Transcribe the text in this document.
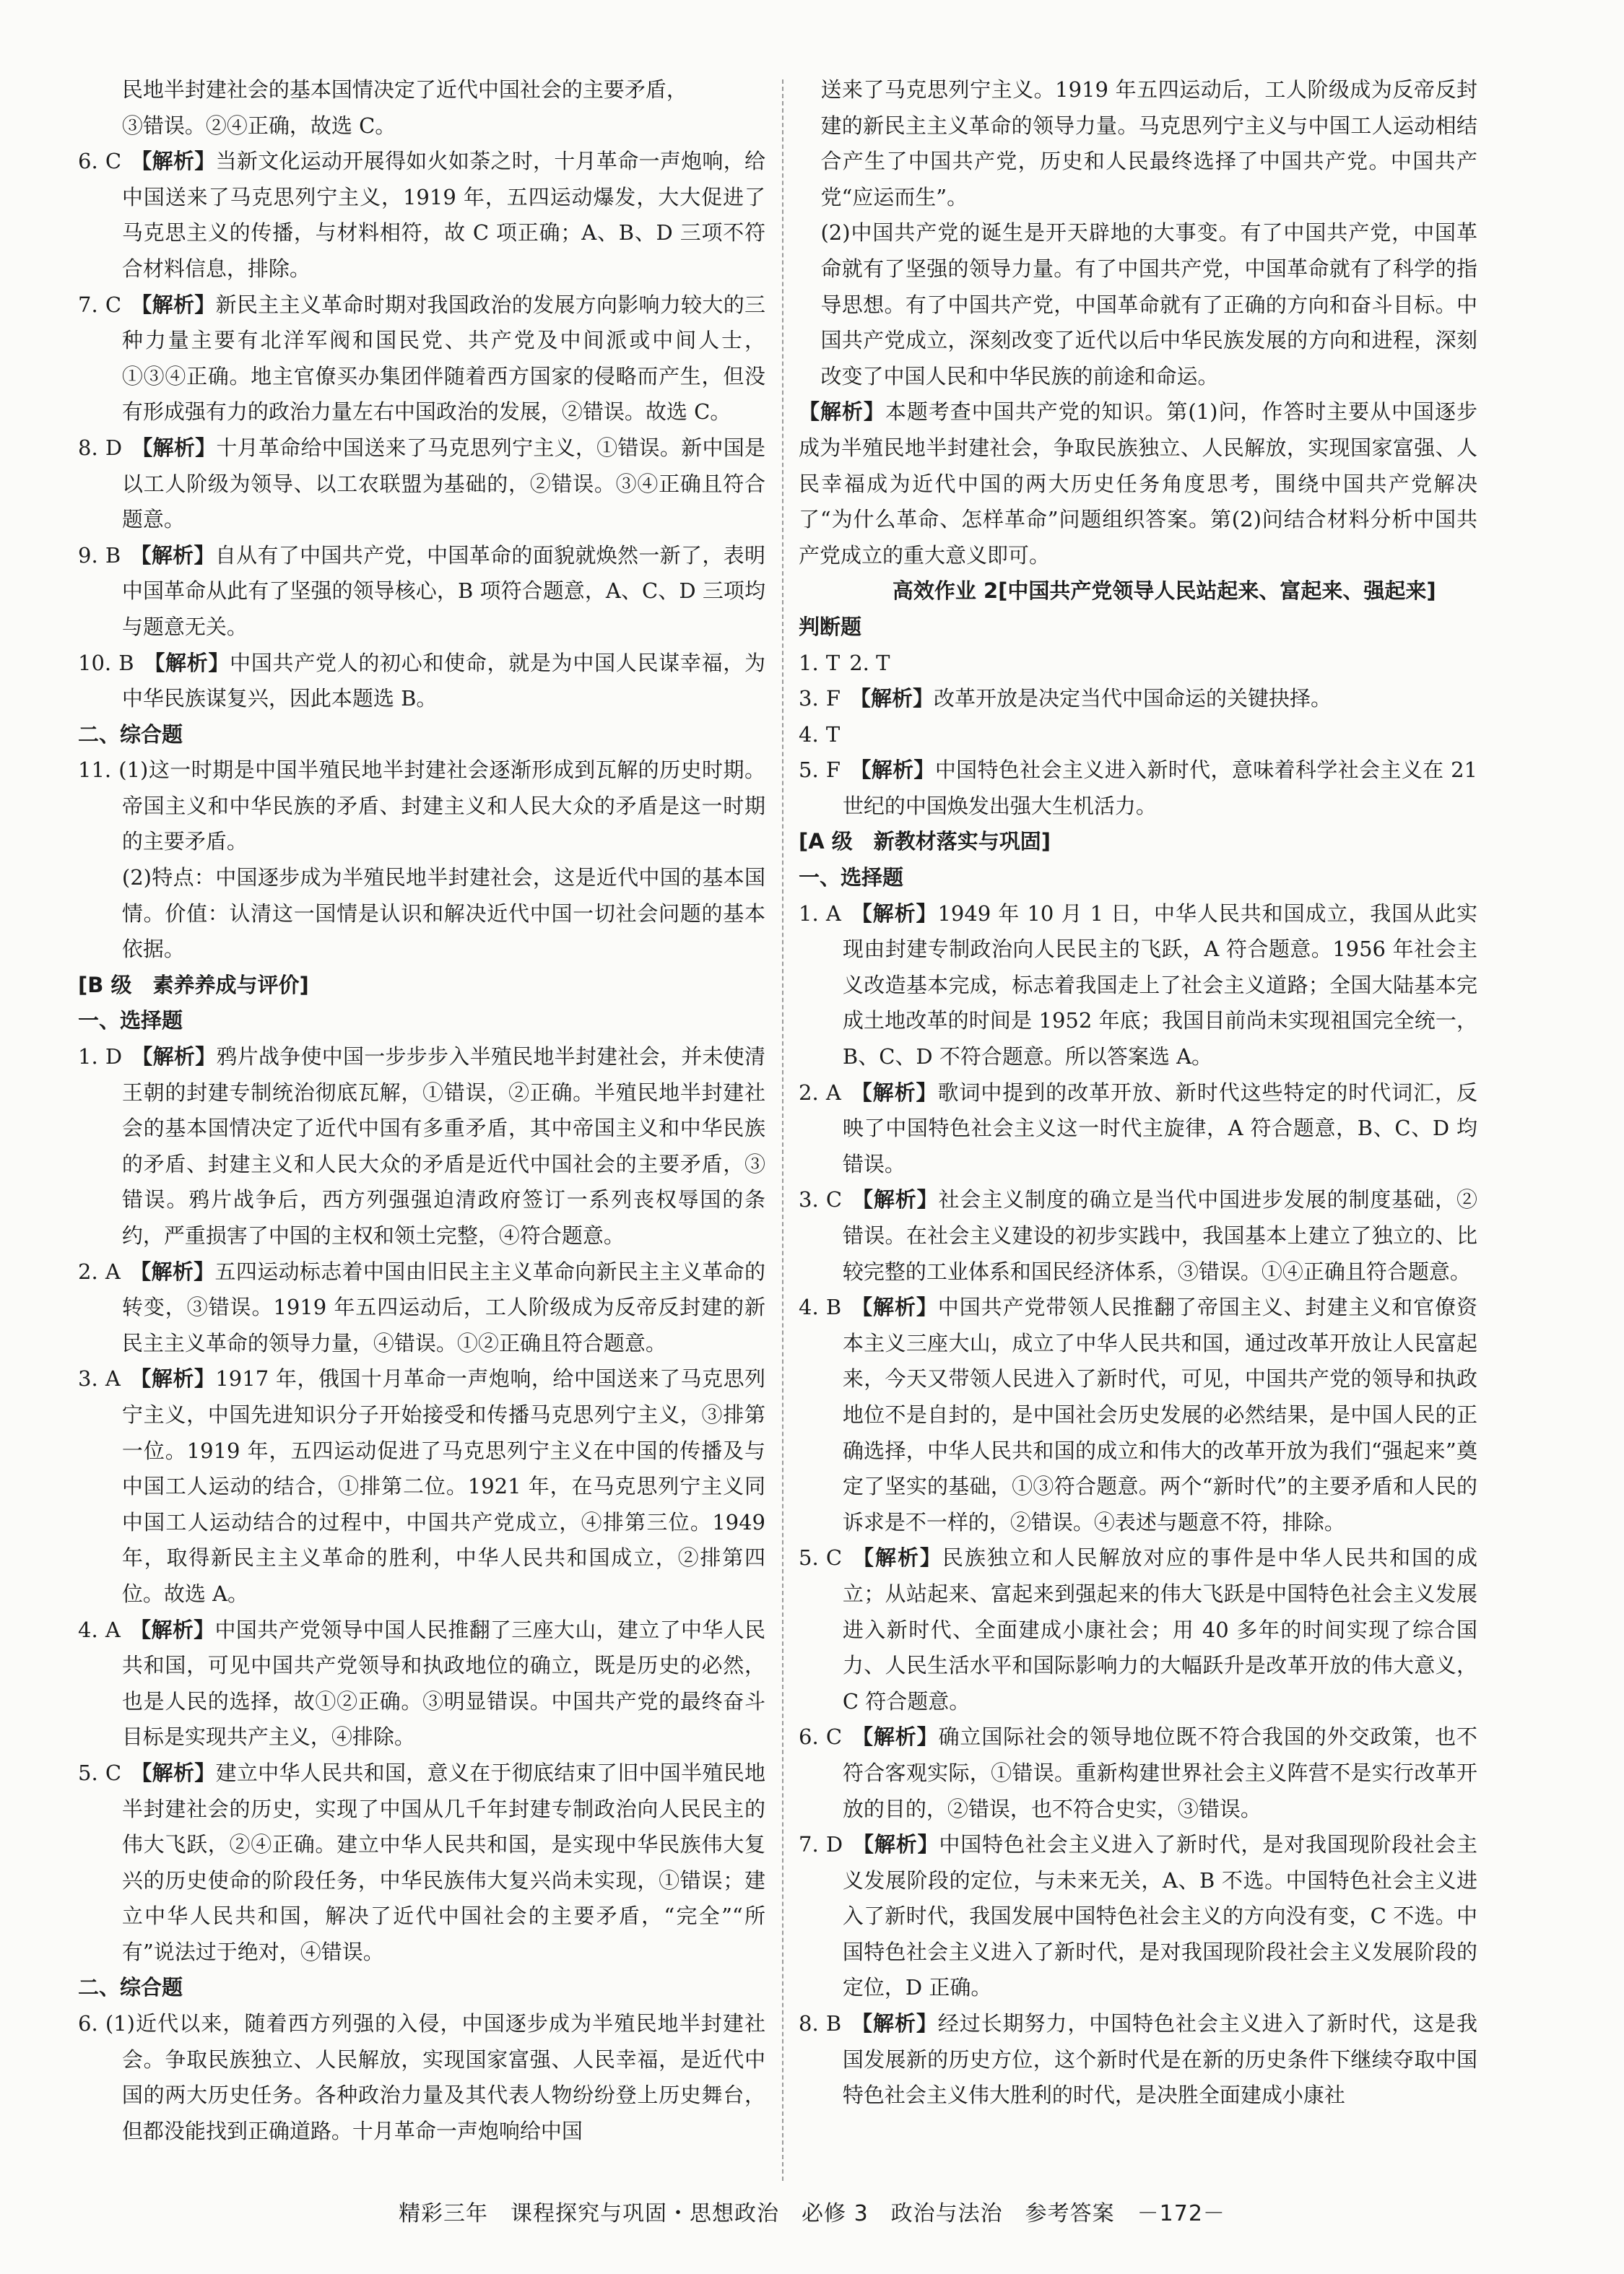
民地半封建社会的基本国情决定了近代中国社会的主要矛盾，
③错误。②④正确，故选 C。
6. C 【解析】当新文化运动开展得如火如荼之时，十月革命一声炮响，给中国送来了马克思列宁主义，1919 年，五四运动爆发，大大促进了马克思主义的传播，与材料相符，故 C 项正确；A、B、D 三项不符合材料信息，排除。
7. C 【解析】新民主主义革命时期对我国政治的发展方向影响力较大的三种力量主要有北洋军阀和国民党、共产党及中间派或中间人士，①③④正确。地主官僚买办集团伴随着西方国家的侵略而产生，但没有形成强有力的政治力量左右中国政治的发展，②错误。故选 C。
8. D 【解析】十月革命给中国送来了马克思列宁主义，①错误。新中国是以工人阶级为领导、以工农联盟为基础的，②错误。③④正确且符合题意。
9. B 【解析】自从有了中国共产党，中国革命的面貌就焕然一新了，表明中国革命从此有了坚强的领导核心，B 项符合题意，A、C、D 三项均与题意无关。
10. B 【解析】中国共产党人的初心和使命，就是为中国人民谋幸福，为中华民族谋复兴，因此本题选 B。
二、综合题
11. (1)这一时期是中国半殖民地半封建社会逐渐形成到瓦解的历史时期。帝国主义和中华民族的矛盾、封建主义和人民大众的矛盾是这一时期的主要矛盾。
(2)特点：中国逐步成为半殖民地半封建社会，这是近代中国的基本国情。价值：认清这一国情是认识和解决近代中国一切社会问题的基本依据。
[B 级　素养养成与评价]
一、选择题
1. D 【解析】鸦片战争使中国一步步步入半殖民地半封建社会，并未使清王朝的封建专制统治彻底瓦解，①错误，②正确。半殖民地半封建社会的基本国情决定了近代中国有多重矛盾，其中帝国主义和中华民族的矛盾、封建主义和人民大众的矛盾是近代中国社会的主要矛盾，③错误。鸦片战争后，西方列强强迫清政府签订一系列丧权辱国的条约，严重损害了中国的主权和领土完整，④符合题意。
2. A 【解析】五四运动标志着中国由旧民主主义革命向新民主主义革命的转变，③错误。1919 年五四运动后，工人阶级成为反帝反封建的新民主主义革命的领导力量，④错误。①②正确且符合题意。
3. A 【解析】1917 年，俄国十月革命一声炮响，给中国送来了马克思列宁主义，中国先进知识分子开始接受和传播马克思列宁主义，③排第一位。1919 年，五四运动促进了马克思列宁主义在中国的传播及与中国工人运动的结合，①排第二位。1921 年，在马克思列宁主义同中国工人运动结合的过程中，中国共产党成立，④排第三位。1949 年，取得新民主主义革命的胜利，中华人民共和国成立，②排第四位。故选 A。
4. A 【解析】中国共产党领导中国人民推翻了三座大山，建立了中华人民共和国，可见中国共产党领导和执政地位的确立，既是历史的必然，也是人民的选择，故①②正确。③明显错误。中国共产党的最终奋斗目标是实现共产主义，④排除。
5. C 【解析】建立中华人民共和国，意义在于彻底结束了旧中国半殖民地半封建社会的历史，实现了中国从几千年封建专制政治向人民民主的伟大飞跃，②④正确。建立中华人民共和国，是实现中华民族伟大复兴的历史使命的阶段任务，中华民族伟大复兴尚未实现，①错误；建立中华人民共和国，解决了近代中国社会的主要矛盾，“完全”“所有”说法过于绝对，④错误。
二、综合题
6. (1)近代以来，随着西方列强的入侵，中国逐步成为半殖民地半封建社会。争取民族独立、人民解放，实现国家富强、人民幸福，是近代中国的两大历史任务。各种政治力量及其代表人物纷纷登上历史舞台，但都没能找到正确道路。十月革命一声炮响给中国
送来了马克思列宁主义。1919 年五四运动后，工人阶级成为反帝反封建的新民主主义革命的领导力量。马克思列宁主义与中国工人运动相结合产生了中国共产党，历史和人民最终选择了中国共产党。中国共产党“应运而生”。
(2)中国共产党的诞生是开天辟地的大事变。有了中国共产党，中国革命就有了坚强的领导力量。有了中国共产党，中国革命就有了科学的指导思想。有了中国共产党，中国革命就有了正确的方向和奋斗目标。中国共产党成立，深刻改变了近代以后中华民族发展的方向和进程，深刻改变了中国人民和中华民族的前途和命运。
【解析】本题考查中国共产党的知识。第(1)问，作答时主要从中国逐步成为半殖民地半封建社会，争取民族独立、人民解放，实现国家富强、人民幸福成为近代中国的两大历史任务角度思考，围绕中国共产党解决了“为什么革命、怎样革命”问题组织答案。第(2)问结合材料分析中国共产党成立的重大意义即可。
高效作业 2[中国共产党领导人民站起来、富起来、强起来]
判断题
1. T 2. T
3. F 【解析】改革开放是决定当代中国命运的关键抉择。
4. T
5. F 【解析】中国特色社会主义进入新时代，意味着科学社会主义在 21 世纪的中国焕发出强大生机活力。
[A 级　新教材落实与巩固]
一、选择题
1. A 【解析】1949 年 10 月 1 日，中华人民共和国成立，我国从此实现由封建专制政治向人民民主的飞跃，A 符合题意。1956 年社会主义改造基本完成，标志着我国走上了社会主义道路；全国大陆基本完成土地改革的时间是 1952 年底；我国目前尚未实现祖国完全统一，B、C、D 不符合题意。所以答案选 A。
2. A 【解析】歌词中提到的改革开放、新时代这些特定的时代词汇，反映了中国特色社会主义这一时代主旋律，A 符合题意，B、C、D 均错误。
3. C 【解析】社会主义制度的确立是当代中国进步发展的制度基础，②错误。在社会主义建设的初步实践中，我国基本上建立了独立的、比较完整的工业体系和国民经济体系，③错误。①④正确且符合题意。
4. B 【解析】中国共产党带领人民推翻了帝国主义、封建主义和官僚资本主义三座大山，成立了中华人民共和国，通过改革开放让人民富起来，今天又带领人民进入了新时代，可见，中国共产党的领导和执政地位不是自封的，是中国社会历史发展的必然结果，是中国人民的正确选择，中华人民共和国的成立和伟大的改革开放为我们“强起来”奠定了坚实的基础，①③符合题意。两个“新时代”的主要矛盾和人民的诉求是不一样的，②错误。④表述与题意不符，排除。
5. C 【解析】民族独立和人民解放对应的事件是中华人民共和国的成立；从站起来、富起来到强起来的伟大飞跃是中国特色社会主义发展进入新时代、全面建成小康社会；用 40 多年的时间实现了综合国力、人民生活水平和国际影响力的大幅跃升是改革开放的伟大意义，C 符合题意。
6. C 【解析】确立国际社会的领导地位既不符合我国的外交政策，也不符合客观实际，①错误。重新构建世界社会主义阵营不是实行改革开放的目的，②错误，也不符合史实，③错误。
7. D 【解析】中国特色社会主义进入了新时代，是对我国现阶段社会主义发展阶段的定位，与未来无关，A、B 不选。中国特色社会主义进入了新时代，我国发展中国特色社会主义的方向没有变，C 不选。中国特色社会主义进入了新时代，是对我国现阶段社会主义发展阶段的定位，D 正确。
8. B 【解析】经过长期努力，中国特色社会主义进入了新时代，这是我国发展新的历史方位，这个新时代是在新的历史条件下继续夺取中国特色社会主义伟大胜利的时代，是决胜全面建成小康社
精彩三年　课程探究与巩固・思想政治　必修 3　政治与法治　参考答案　－172－
